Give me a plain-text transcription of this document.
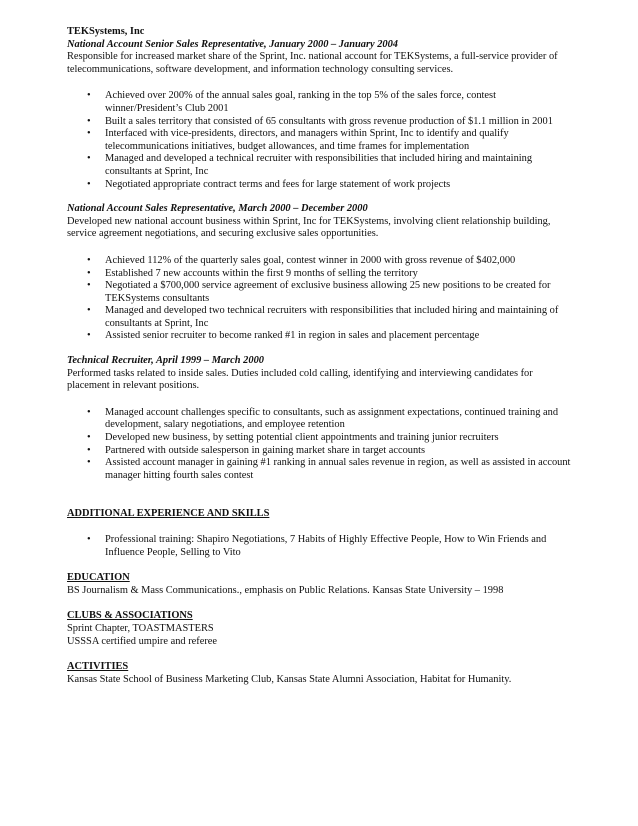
TEKSystems, Inc
National Account Senior Sales Representative, January 2000 – January 2004

Responsible for increased market share of the Sprint, Inc. national account for TEKSystems, a full-service provider of telecommunications, software development, and information technology consulting services.

• Achieved over 200% of the annual sales goal, ranking in the top 5% of the sales force, contest winner/President’s Club 2001
• Built a sales territory that consisted of 65 consultants with gross revenue production of $1.1 million in 2001
• Interfaced with vice-presidents, directors, and managers within Sprint, Inc to identify and qualify telecommunications initiatives, budget allowances, and time frames for implementation
• Managed and developed a technical recruiter with responsibilities that included hiring and maintaining consultants at Sprint, Inc
• Negotiated appropriate contract terms and fees for large statement of work projects
National Account Sales Representative, March 2000 – December 2000

Developed new national account business within Sprint, Inc for TEKSystems, involving client relationship building, service agreement negotiations, and securing exclusive sales opportunities.

• Achieved 112% of the quarterly sales goal, contest winner in 2000 with gross revenue of $402,000
• Established 7 new accounts within the first 9 months of selling the territory
• Negotiated a $700,000 service agreement of exclusive business allowing 25 new positions to be created for TEKSystems consultants
• Managed and developed two technical recruiters with responsibilities that included hiring and maintaining of consultants at Sprint, Inc
• Assisted senior recruiter to become ranked #1 in region in sales and placement percentage
Technical Recruiter, April 1999 – March 2000

Performed tasks related to inside sales. Duties included cold calling, identifying and interviewing candidates for placement in relevant positions.

• Managed account challenges specific to consultants, such as assignment expectations, continued training and development, salary negotiations, and employee retention
• Developed new business, by setting potential client appointments and training junior recruiters
• Partnered with outside salesperson in gaining market share in target accounts
• Assisted account manager in gaining #1 ranking in annual sales revenue in region, as well as assisted in account manager hitting fourth sales contest
ADDITIONAL EXPERIENCE AND SKILLS
• Professional training: Shapiro Negotiations, 7 Habits of Highly Effective People, How to Win Friends and Influence People, Selling to Vito
EDUCATION
BS Journalism & Mass Communications., emphasis on Public Relations. Kansas State University – 1998
CLUBS & ASSOCIATIONS
Sprint Chapter, TOASTMASTERS
USSSA certified umpire and referee
ACTIVITIES
Kansas State School of Business Marketing Club, Kansas State Alumni Association, Habitat for Humanity.
